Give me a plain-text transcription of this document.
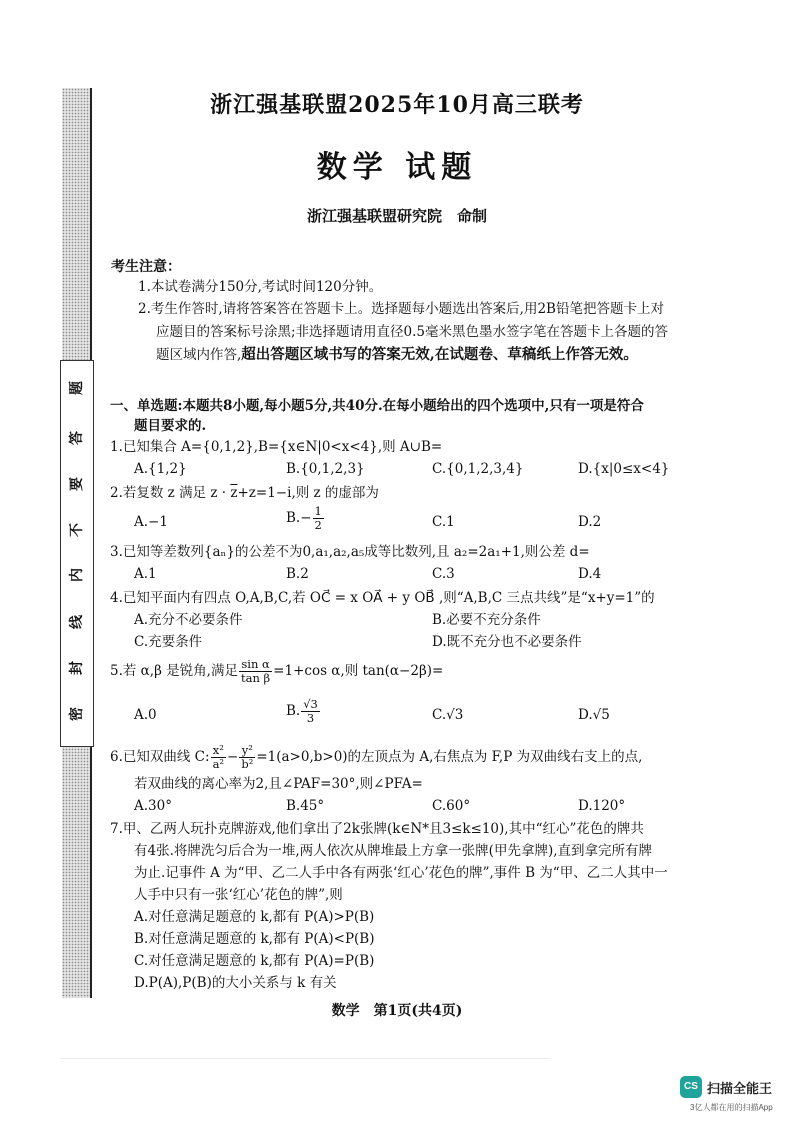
题
答
要
不
内
线
封
密
浙江强基联盟2025年10月高三联考
数学 试题
浙江强基联盟研究院　命制
考生注意：
1.本试卷满分150分,考试时间120分钟。
2.考生作答时,请将答案答在答题卡上。选择题每小题选出答案后,用2B铅笔把答题卡上对
应题目的答案标号涂黑;非选择题请用直径0.5毫米黑色墨水签字笔在答题卡上各题的答
题区域内作答,超出答题区域书写的答案无效,在试题卷、草稿纸上作答无效。
一、单选题:本题共8小题,每小题5分,共40分.在每小题给出的四个选项中,只有一项是符合
题目要求的.
1.已知集合 A={0,1,2},B={x∈N|0<x<4},则 A∪B=
A.{1,2}	B.{0,1,2,3}	C.{0,1,2,3,4}	D.{x|0≤x<4}
2.若复数 z 满足 $z \cdot \overline{z}+z=1-i$,则 z 的虚部为
A.−1	$B.- \frac{1}{2}$	C.1	D.2
3.已知等差数列{aₙ}的公差不为0,a₁,a₂,a₅成等比数列,且 a₂=2a₁+1,则公差 d=
A.1	B.2	C.3	D.4
4.已知平面内有四点 O,A,B,C,若 OC⃗ = x OA⃗ + y OB⃗ ,则“A,B,C 三点共线”是“x+y=1”的
A.充分不必要条件	B.必要不充分条件
C.充要条件	D.既不充分也不必要条件
5.若 α,β 是锐角,满足 $\frac{\text{sin α}}{\text{tan β}} =1+\cos$ α,则 tan(α−2β)=
A.0	B. $\frac{√3}{3}$	C.√3	D.√5
6.已知双曲线 C: $\frac{\text{x²}}{\text{a²}} - \frac{\text{y²}}{\text{b²}} =1(a>0,b>0)$的左顶点为 A,右焦点为 F,P 为双曲线右支上的点,
若双曲线的离心率为2,且∠PAF=30°,则∠PFA=
A.30°	B.45°	C.60°	D.120°
7.甲、乙两人玩扑克牌游戏,他们拿出了2k张牌(k∈N*且3≤k≤10),其中“红心”花色的牌共
有4张.将牌洗匀后合为一堆,两人依次从牌堆最上方拿一张牌(甲先拿牌),直到拿完所有牌
为止.记事件 A 为“甲、乙二人手中各有两张‘红心’花色的牌”,事件 B 为“甲、乙二人其中一
人手中只有一张‘红心’花色的牌”,则
A.对任意满足题意的 k,都有 P(A)>P(B)
B.对任意满足题意的 k,都有 P(A)<P(B)
C.对任意满足题意的 k,都有 P(A)=P(B)
D.P(A),P(B)的大小关系与 k 有关
数学　第1页(共4页)
CS 扫描全能王
3亿人都在用的扫描App
